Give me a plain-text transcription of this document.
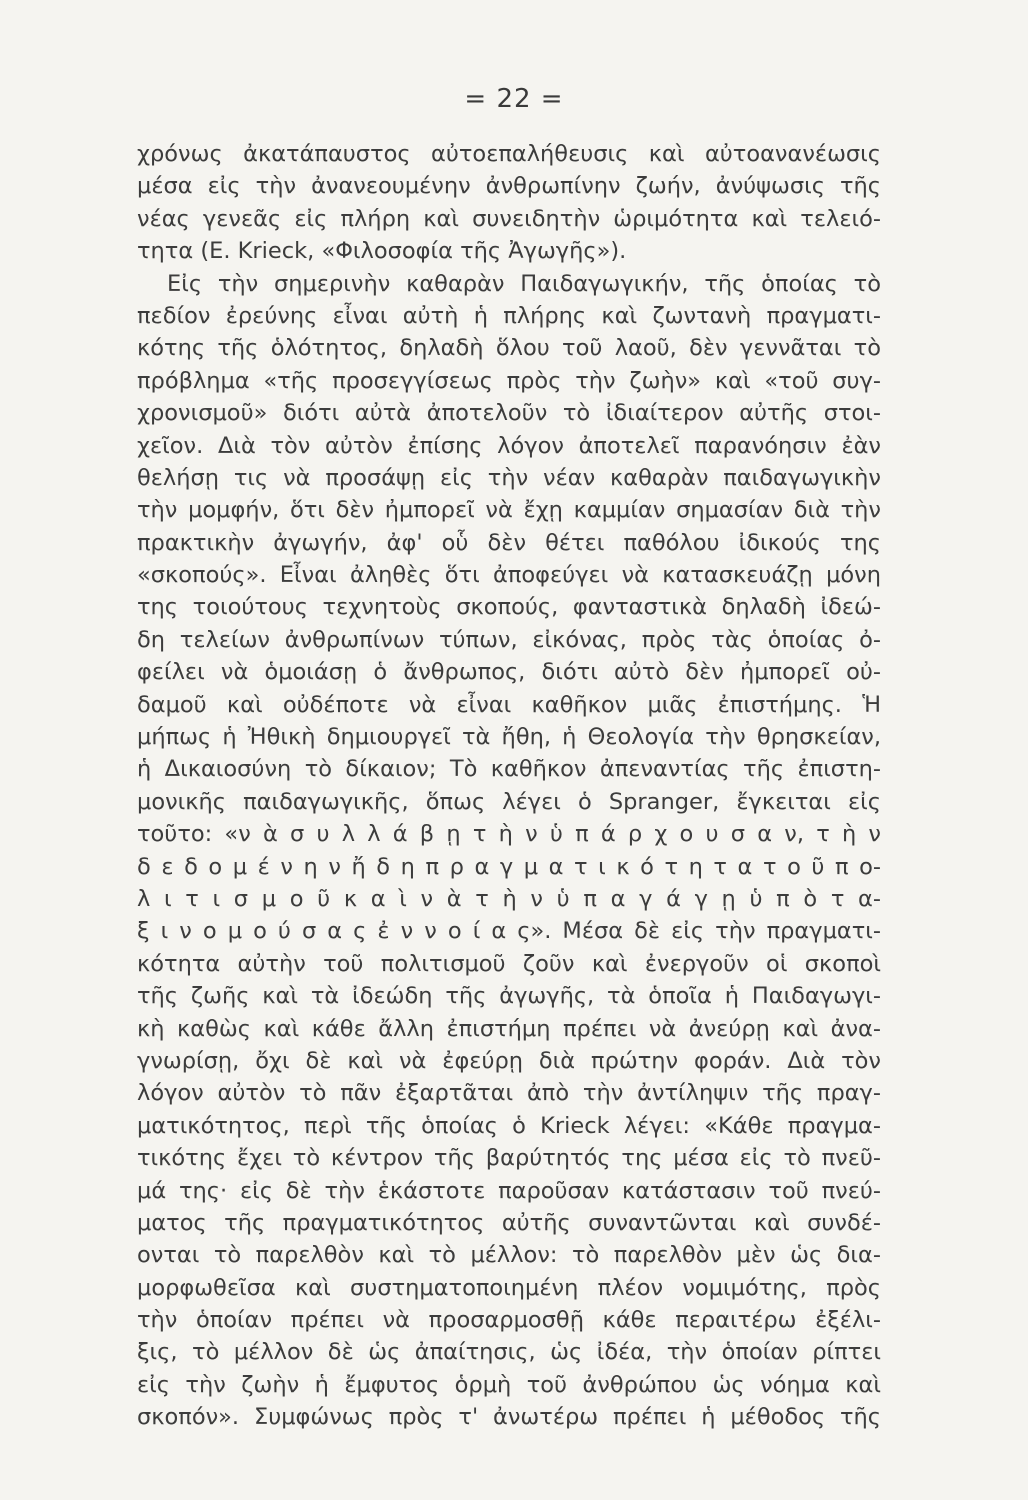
= 22 =
χρόνως ἀκατάπαυστος αὐτοεπαλήθευσις καὶ αὐτοανανέωσις
μέσα εἰς τὴν ἀνανεουμένην ἀνθρωπίνην ζωήν, ἀνύψωσις τῆς
νέας γενεᾶς εἰς πλήρη καὶ συνειδητὴν ὡριμότητα καὶ τελειό-
τητα (E. Krieck, «Φιλοσοφία τῆς Ἀγωγῆς»).
Εἰς τὴν σημερινὴν καθαρὰν Παιδαγωγικήν, τῆς ὁποίας τὸ
πεδίον ἐρεύνης εἶναι αὐτὴ ἡ πλήρης καὶ ζωντανὴ πραγματι-
κότης τῆς ὁλότητος, δηλαδὴ ὅλου τοῦ λαοῦ, δὲν γεννᾶται τὸ
πρόβλημα «τῆς προσεγγίσεως πρὸς τὴν ζωὴν» καὶ «τοῦ συγ-
χρονισμοῦ» διότι αὐτὰ ἀποτελοῦν τὸ ἰδιαίτερον αὐτῆς στοι-
χεῖον. Διὰ τὸν αὐτὸν ἐπίσης λόγον ἀποτελεῖ παρανόησιν ἐὰν
θελήσῃ τις νὰ προσάψῃ εἰς τὴν νέαν καθαρὰν παιδαγωγικὴν
τὴν μομφήν, ὅτι δὲν ἠμπορεῖ νὰ ἔχῃ καμμίαν σημασίαν διὰ τὴν
πρακτικὴν ἀγωγήν, ἀφ' οὗ δὲν θέτει παθόλου ἰδικούς της
«σκοπούς». Εἶναι ἀληθὲς ὅτι ἀποφεύγει νὰ κατασκευάζῃ μόνη
της τοιούτους τεχνητοὺς σκοπούς, φανταστικὰ δηλαδὴ ἰδεώ-
δη τελείων ἀνθρωπίνων τύπων, εἰκόνας, πρὸς τὰς ὁποίας ὀ-
φείλει νὰ ὁμοιάσῃ ὁ ἄνθρωπος, διότι αὐτὸ δὲν ἠμπορεῖ οὐ-
δαμοῦ καὶ οὐδέποτε νὰ εἶναι καθῆκον μιᾶς ἐπιστήμης. Ἡ
μήπως ἡ Ἠθικὴ δημιουργεῖ τὰ ἤθη, ἡ Θεολογία τὴν θρησκείαν,
ἡ Δικαιοσύνη τὸ δίκαιον; Τὸ καθῆκον ἀπεναντίας τῆς ἐπιστη-
μονικῆς παιδαγωγικῆς, ὅπως λέγει ὁ Spranger, ἔγκειται εἰς
τοῦτο: «ν ὰ σ υ λ λ ά β ῃ τ ὴ ν ὑ π ά ρ χ ο υ σ α ν, τ ὴ ν
δ ε δ ο μ έ ν η ν ἤ δ η π ρ α γ μ α τ ι κ ό τ η τ α τ ο ῦ π ο-
λ ι τ ι σ μ ο ῦ κ α ὶ ν ὰ τ ὴ ν ὑ π α γ ά γ ῃ ὑ π ὸ τ α-
ξ ι ν ο μ ο ύ σ α ς ἐ ν ν ο ί α ς». Μέσα δὲ εἰς τὴν πραγματι-
κότητα αὐτὴν τοῦ πολιτισμοῦ ζοῦν καὶ ἐνεργοῦν οἱ σκοποὶ
τῆς ζωῆς καὶ τὰ ἰδεώδη τῆς ἀγωγῆς, τὰ ὁποῖα ἡ Παιδαγωγι-
κὴ καθὼς καὶ κάθε ἄλλη ἐπιστήμη πρέπει νὰ ἀνεύρῃ καὶ ἀνα-
γνωρίσῃ, ὄχι δὲ καὶ νὰ ἐφεύρῃ διὰ πρώτην φοράν. Διὰ τὸν
λόγον αὐτὸν τὸ πᾶν ἐξαρτᾶται ἀπὸ τὴν ἀντίληψιν τῆς πραγ-
ματικότητος, περὶ τῆς ὁποίας ὁ Krieck λέγει: «Κάθε πραγμα-
τικότης ἔχει τὸ κέντρον τῆς βαρύτητός της μέσα εἰς τὸ πνεῦ-
μά της· εἰς δὲ τὴν ἑκάστοτε παροῦσαν κατάστασιν τοῦ πνεύ-
ματος τῆς πραγματικότητος αὐτῆς συναντῶνται καὶ συνδέ-
ονται τὸ παρελθὸν καὶ τὸ μέλλον: τὸ παρελθὸν μὲν ὡς δια-
μορφωθεῖσα καὶ συστηματοποιημένη πλέον νομιμότης, πρὸς
τὴν ὁποίαν πρέπει νὰ προσαρμοσθῇ κάθε περαιτέρω ἐξέλι-
ξις, τὸ μέλλον δὲ ὡς ἀπαίτησις, ὡς ἰδέα, τὴν ὁποίαν ρίπτει
εἰς τὴν ζωὴν ἡ ἔμφυτος ὁρμὴ τοῦ ἀνθρώπου ὡς νόημα καὶ
σκοπόν». Συμφώνως πρὸς τ' ἀνωτέρω πρέπει ἡ μέθοδος τῆς
